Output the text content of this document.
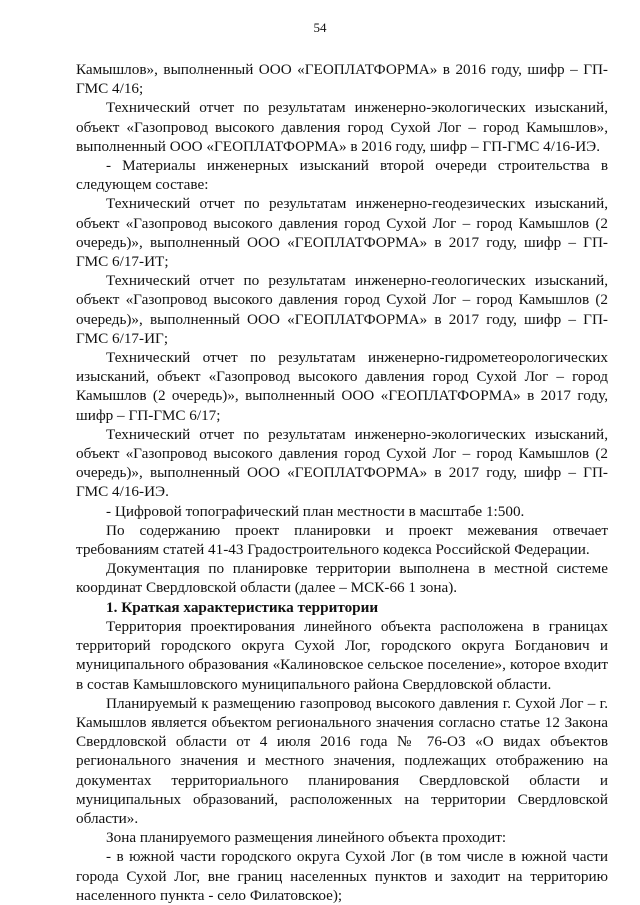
54

Камышлов», выполненный ООО «ГЕОПЛАТФОРМА» в 2016 году, шифр – ГП-ГМС 4/16;

Технический отчет по результатам инженерно-экологических изысканий, объект «Газопровод высокого давления город Сухой Лог – город Камышлов», выполненный ООО «ГЕОПЛАТФОРМА» в 2016 году, шифр – ГП-ГМС 4/16-ИЭ.

- Материалы инженерных изысканий второй очереди строительства в следующем составе:

Технический отчет по результатам инженерно-геодезических изысканий, объект «Газопровод высокого давления город Сухой Лог – город Камышлов (2 очередь)», выполненный ООО «ГЕОПЛАТФОРМА» в 2017 году, шифр – ГП-ГМС 6/17-ИТ;

Технический отчет по результатам инженерно-геологических изысканий, объект «Газопровод высокого давления город Сухой Лог – город Камышлов (2 очередь)», выполненный ООО «ГЕОПЛАТФОРМА» в 2017 году, шифр – ГП-ГМС 6/17-ИГ;

Технический отчет по результатам инженерно-гидрометеорологических изысканий, объект «Газопровод высокого давления город Сухой Лог – город Камышлов (2 очередь)», выполненный ООО «ГЕОПЛАТФОРМА» в 2017 году, шифр – ГП-ГМС 6/17;

Технический отчет по результатам инженерно-экологических изысканий, объект «Газопровод высокого давления город Сухой Лог – город Камышлов (2 очередь)», выполненный ООО «ГЕОПЛАТФОРМА» в 2017 году, шифр – ГП-ГМС 4/16-ИЭ.

- Цифровой топографический план местности в масштабе 1:500.

По содержанию проект планировки и проект межевания отвечает требованиям статей 41-43 Градостроительного кодекса Российской Федерации.

Документация по планировке территории выполнена в местной системе координат Свердловской области (далее – МСК-66 1 зона).

1. Краткая характеристика территории

Территория проектирования линейного объекта расположена в границах территорий городского округа Сухой Лог, городского округа Богданович и муниципального образования «Калиновское сельское поселение», которое входит в состав Камышловского муниципального района Свердловской области.

Планируемый к размещению газопровод высокого давления г. Сухой Лог – г. Камышлов является объектом регионального значения согласно статье 12 Закона Свердловской области от 4 июля 2016 года № 76-ОЗ «О видах объектов регионального значения и местного значения, подлежащих отображению на документах территориального планирования Свердловской области и муниципальных образований, расположенных на территории Свердловской области».

Зона планируемого размещения линейного объекта проходит:

- в южной части городского округа Сухой Лог (в том числе в южной части города Сухой Лог, вне границ населенных пунктов и заходит на территорию населенного пункта - село Филатовское);
